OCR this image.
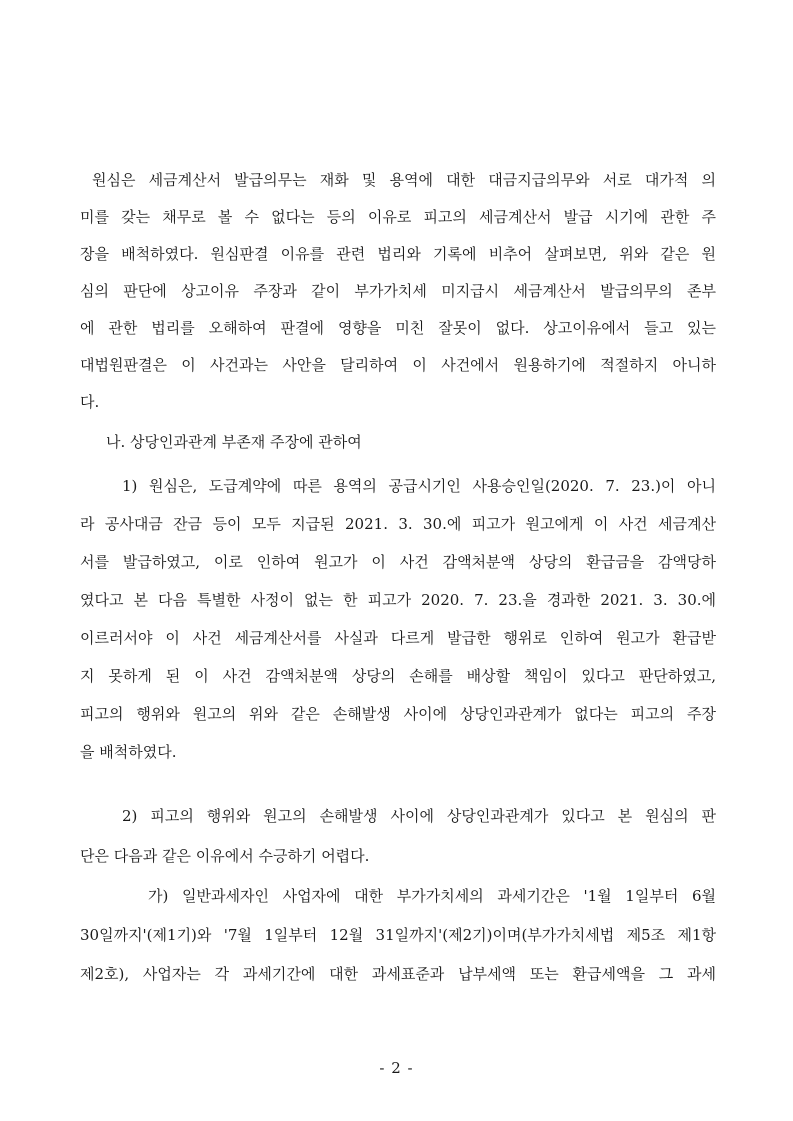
원심은 세금계산서 발급의무는 재화 및 용역에 대한 대금지급의무와 서로 대가적 의
미를 갖는 채무로 볼 수 없다는 등의 이유로 피고의 세금계산서 발급 시기에 관한 주
장을 배척하였다. 원심판결 이유를 관련 법리와 기록에 비추어 살펴보면, 위와 같은 원
심의 판단에 상고이유 주장과 같이 부가가치세 미지급시 세금계산서 발급의무의 존부
에 관한 법리를 오해하여 판결에 영향을 미친 잘못이 없다. 상고이유에서 들고 있는
대법원판결은 이 사건과는 사안을 달리하여 이 사건에서 원용하기에 적절하지 아니하
다.
나. 상당인과관계 부존재 주장에 관하여
1) 원심은, 도급계약에 따른 용역의 공급시기인 사용승인일(2020. 7. 23.)이 아니
라 공사대금 잔금 등이 모두 지급된 2021. 3. 30.에 피고가 원고에게 이 사건 세금계산
서를 발급하였고, 이로 인하여 원고가 이 사건 감액처분액 상당의 환급금을 감액당하
였다고 본 다음 특별한 사정이 없는 한 피고가 2020. 7. 23.을 경과한 2021. 3. 30.에
이르러서야 이 사건 세금계산서를 사실과 다르게 발급한 행위로 인하여 원고가 환급받
지 못하게 된 이 사건 감액처분액 상당의 손해를 배상할 책임이 있다고 판단하였고,
피고의 행위와 원고의 위와 같은 손해발생 사이에 상당인과관계가 없다는 피고의 주장
을 배척하였다.
2) 피고의 행위와 원고의 손해발생 사이에 상당인과관계가 있다고 본 원심의 판
단은 다음과 같은 이유에서 수긍하기 어렵다.
가) 일반과세자인 사업자에 대한 부가가치세의 과세기간은 '1월 1일부터 6월
30일까지'(제1기)와 '7월 1일부터 12월 31일까지'(제2기)이며(부가가치세법 제5조 제1항
제2호), 사업자는 각 과세기간에 대한 과세표준과 납부세액 또는 환급세액을 그 과세
- 2 -
